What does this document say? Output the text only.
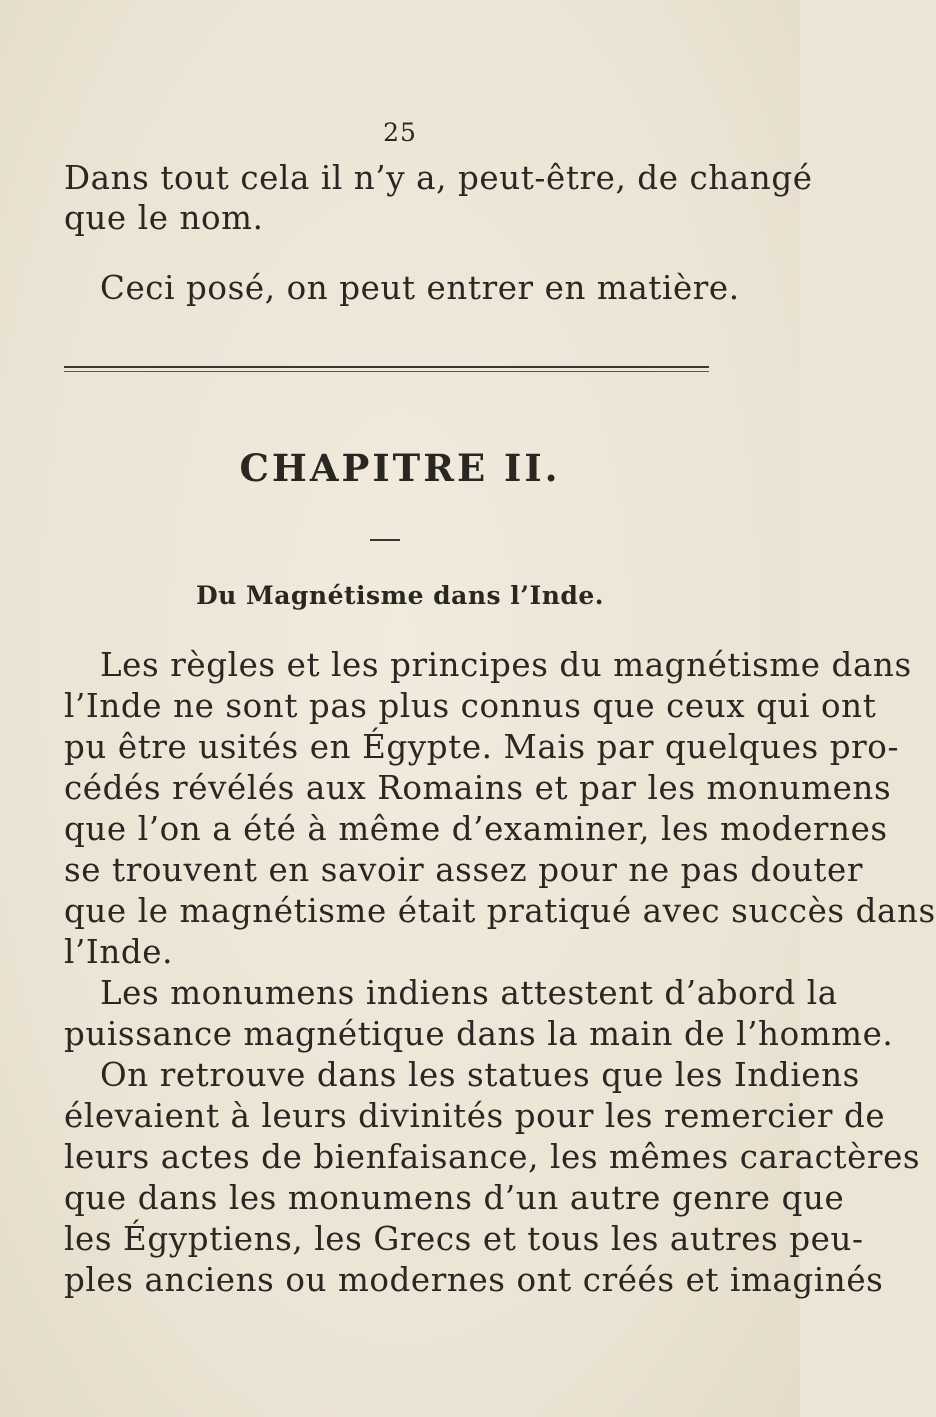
25
Dans tout cela il n’y a, peut-être, de changé
que le nom.
Ceci posé, on peut entrer en matière.
CHAPITRE II.
Du Magnétisme dans l’Inde.
Les règles et les principes du magnétisme dans
l’Inde ne sont pas plus connus que ceux qui ont
pu être usités en Égypte. Mais par quelques pro-
cédés révélés aux Romains et par les monumens
que l’on a été à même d’examiner, les modernes
se trouvent en savoir assez pour ne pas douter
que le magnétisme était pratiqué avec succès dans
l’Inde.
Les monumens indiens attestent d’abord la
puissance magnétique dans la main de l’homme.
On retrouve dans les statues que les Indiens
élevaient à leurs divinités pour les remercier de
leurs actes de bienfaisance, les mêmes caractères
que dans les monumens d’un autre genre que
les Égyptiens, les Grecs et tous les autres peu-
ples anciens ou modernes ont créés et imaginés
